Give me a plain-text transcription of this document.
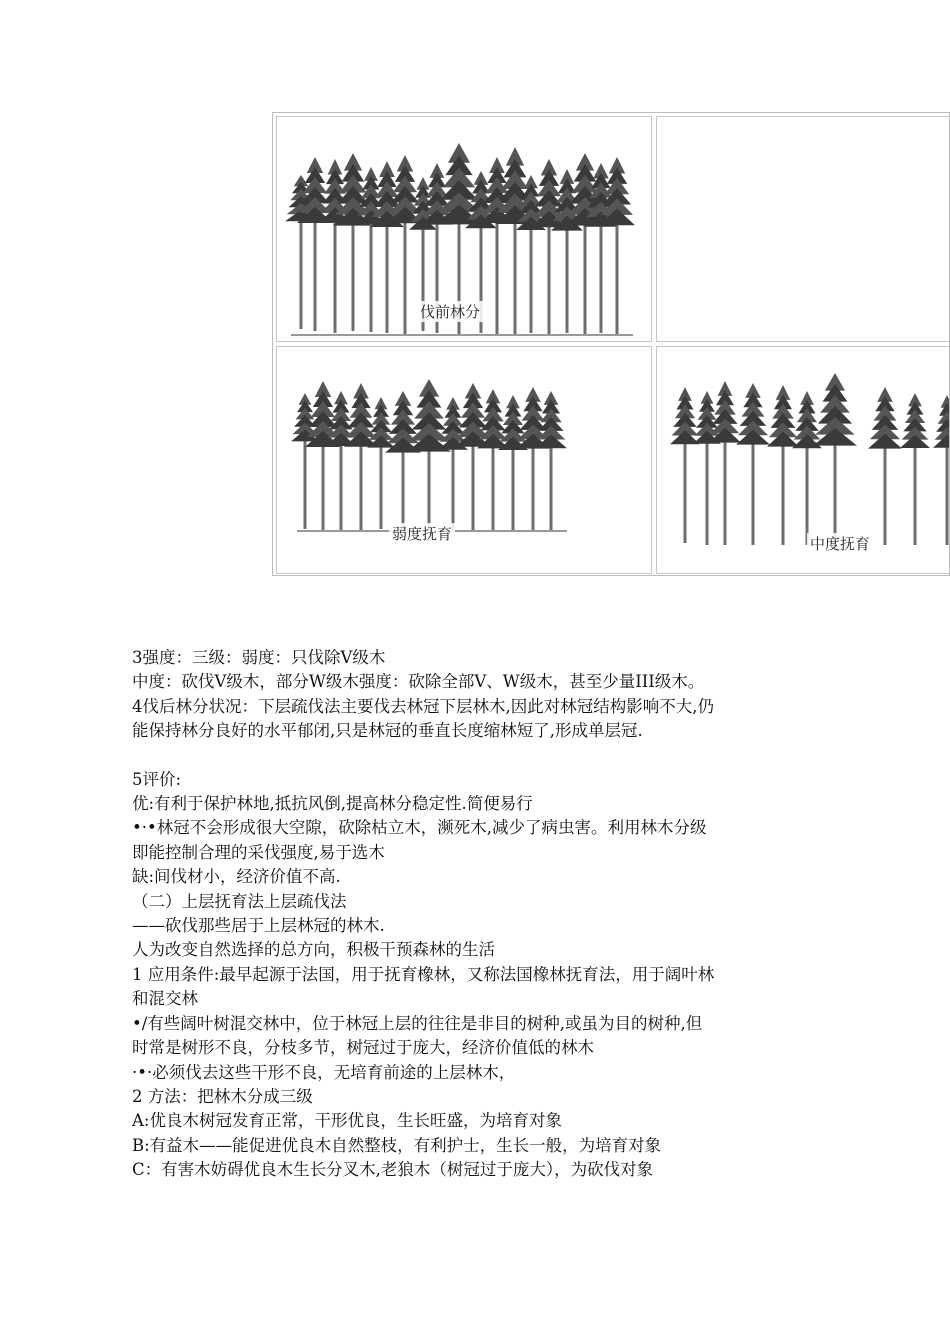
伐前林分
弱度抚育
中度抚育

3强度：三级：弱度：只伐除V级木

中度：砍伐V级木，部分W级木强度：砍除全部V、W级木，甚至少量III级木。

4伐后林分状况：下层疏伐法主要伐去林冠下层林木,因此对林冠结构影响不大,仍

能保持林分良好的水平郁闭,只是林冠的垂直长度缩林短了,形成单层冠.

5评价:

优:有利于保护林地,抵抗风倒,提高林分稳定性.简便易行

•·•林冠不会形成很大空隙，砍除枯立木，濒死木,减少了病虫害。利用林木分级

即能控制合理的采伐强度,易于选木

缺:间伐材小，经济价值不高.

（二）上层抚育法上层疏伐法

——砍伐那些居于上层林冠的林木.

人为改变自然选择的总方向，积极干预森林的生活

1 应用条件:最早起源于法国，用于抚育橡林，又称法国橡林抚育法，用于阔叶林

和混交林

•/有些阔叶树混交林中，位于林冠上层的往往是非目的树种,或虽为目的树种,但

时常是树形不良，分枝多节，树冠过于庞大，经济价值低的林木

·•·必须伐去这些干形不良，无培育前途的上层林木，

2 方法：把林木分成三级

A:优良木树冠发育正常，干形优良，生长旺盛，为培育对象

B:有益木——能促进优良木自然整枝，有利护士，生长一般，为培育对象

C：有害木妨碍优良木生长分叉木,老狼木（树冠过于庞大），为砍伐对象
